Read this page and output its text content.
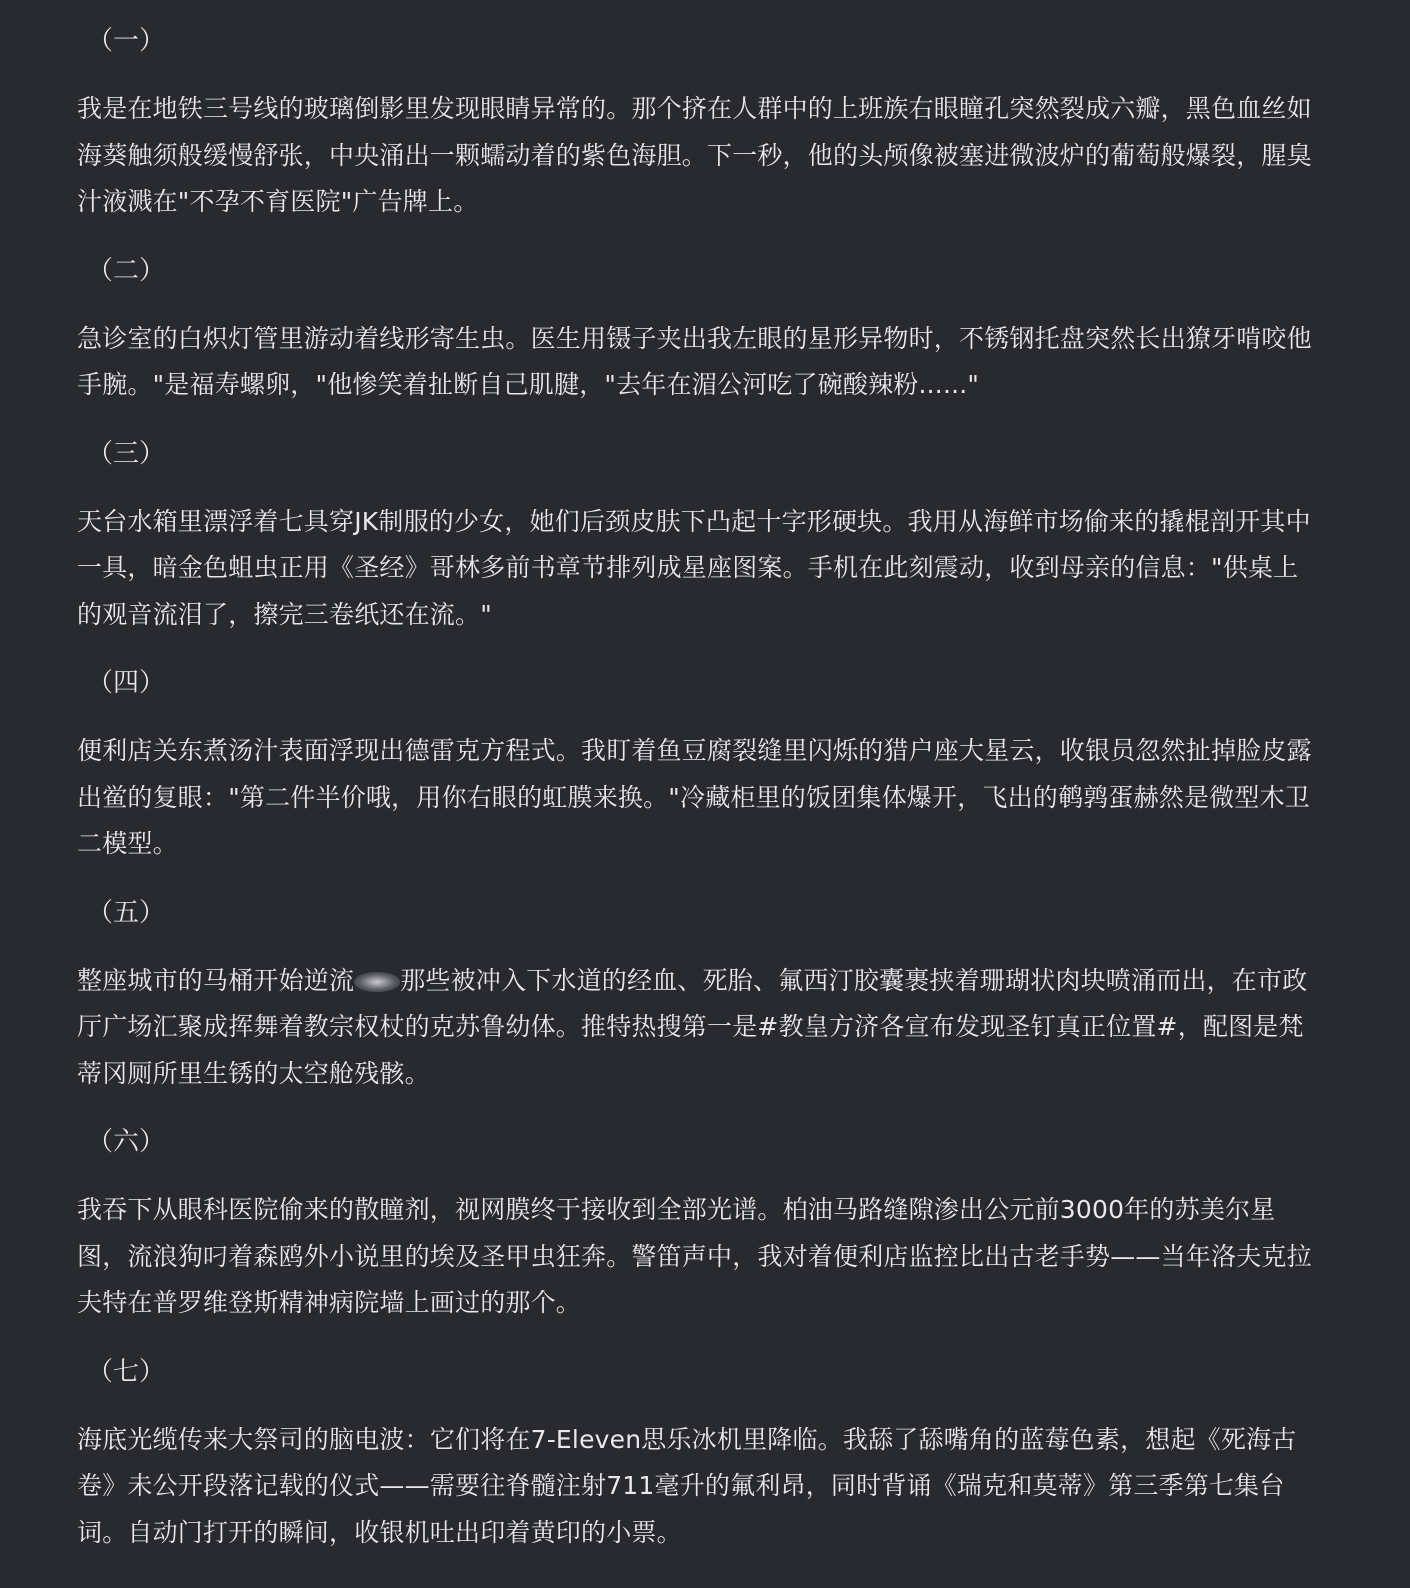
（一）

我是在地铁三号线的玻璃倒影里发现眼睛异常的。那个挤在人群中的上班族右眼瞳孔突然裂成六瓣，黑色血丝如海葵触须般缓慢舒张，中央涌出一颗蠕动着的紫色海胆。下一秒，他的头颅像被塞进微波炉的葡萄般爆裂，腥臭汁液溅在"不孕不育医院"广告牌上。

（二）

急诊室的白炽灯管里游动着线形寄生虫。医生用镊子夹出我左眼的星形异物时，不锈钢托盘突然长出獠牙啃咬他手腕。"是福寿螺卵，"他惨笑着扯断自己肌腱，"去年在湄公河吃了碗酸辣粉......"

（三）

天台水箱里漂浮着七具穿JK制服的少女，她们后颈皮肤下凸起十字形硬块。我用从海鲜市场偷来的撬棍剖开其中一具，暗金色蛆虫正用《圣经》哥林多前书章节排列成星座图案。手机在此刻震动，收到母亲的信息："供桌上的观音流泪了，擦完三卷纸还在流。"

（四）

便利店关东煮汤汁表面浮现出德雷克方程式。我盯着鱼豆腐裂缝里闪烁的猎户座大星云，收银员忽然扯掉脸皮露出鲎的复眼："第二件半价哦，用你右眼的虹膜来换。"冷藏柜里的饭团集体爆开，飞出的鹌鹑蛋赫然是微型木卫二模型。

（五）

整座城市的马桶开始逆流 那些被冲入下水道的经血、死胎、氟西汀胶囊裹挟着珊瑚状肉块喷涌而出，在市政厅广场汇聚成挥舞着教宗权杖的克苏鲁幼体。推特热搜第一是#教皇方济各宣布发现圣钉真正位置#，配图是梵蒂冈厕所里生锈的太空舱残骸。

（六）

我吞下从眼科医院偷来的散瞳剂，视网膜终于接收到全部光谱。柏油马路缝隙渗出公元前3000年的苏美尔星图，流浪狗叼着森鸥外小说里的埃及圣甲虫狂奔。警笛声中，我对着便利店监控比出古老手势——当年洛夫克拉夫特在普罗维登斯精神病院墙上画过的那个。

（七）

海底光缆传来大祭司的脑电波：它们将在7-Eleven思乐冰机里降临。我舔了舔嘴角的蓝莓色素，想起《死海古卷》未公开段落记载的仪式——需要往脊髓注射711毫升的氟利昂，同时背诵《瑞克和莫蒂》第三季第七集台词。自动门打开的瞬间，收银机吐出印着黄印的小票。
